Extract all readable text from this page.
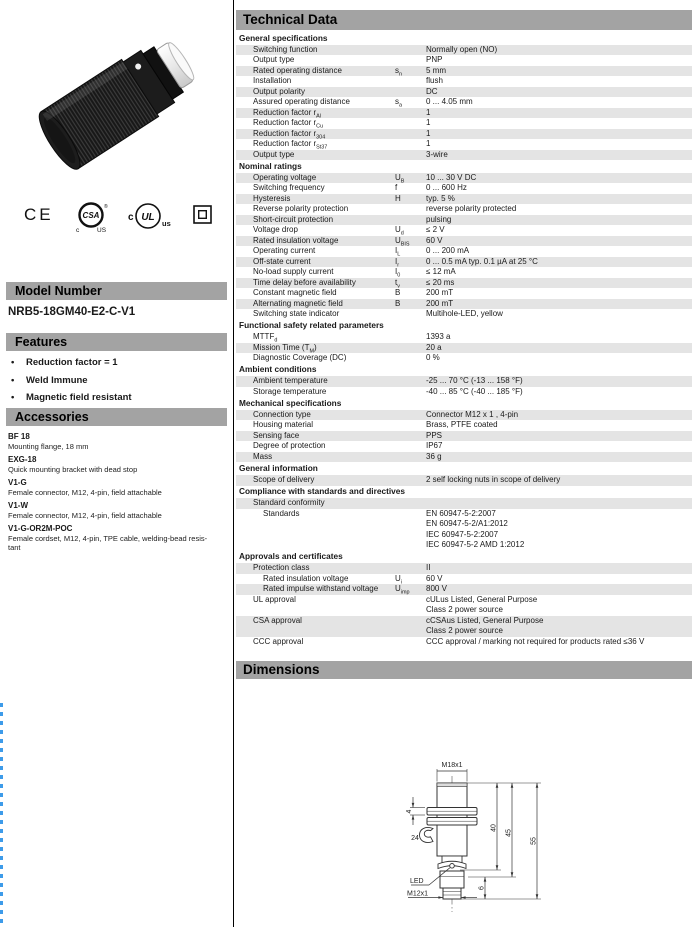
CE	CSA
®
c	US
c UL
us
Model Number
NRB5-18GM40-E2-C-V1
Features
• Reduction factor = 1
• Weld Immune
• Magnetic field resistant
Accessories
BF 18
Mounting flange, 18 mm
EXG-18
Quick mounting bracket with dead stop
V1-G
Female connector, M12, 4-pin, field attachable
V1-W
Female connector, M12, 4-pin, field attachable
V1-G-OR2M-POC
Female cordset, M12, 4-pin, TPE cable, welding-bead resis-
tant
Technical Data
General specifications
Switching function	Normally open (NO)
Output type	PNP
Rated operating distance	$s_n$	5 mm
Installation	flush
Output polarity	DC
Assured operating distance	$s_a$	0 ... 4.05 mm
Reduction factor $r_{Al}$	1
Reduction factor $r_{Cu}$	1
Reduction factor $r_{304}$	1
Reduction factor $r_{St37}$	1
Output type	3-wire
Nominal ratings
Operating voltage	$U_B$	10 ... 30 V DC
Switching frequency	f	0 ... 600 Hz
Hysteresis	H	typ. 5 %
Reverse polarity protection	reverse polarity protected
Short-circuit protection	pulsing
Voltage drop	$U_d$	≤ 2 V
Rated insulation voltage	$U_{BIS}$	60 V
Operating current	$I_L$	0 ... 200 mA
Off-state current	$I_r$	0 ... 0.5 mA typ. 0.1 µA at 25 °C
No-load supply current	$I_0$	≤ 12 mA
Time delay before availability	$t_v$	≤ 20 ms
Constant magnetic field	B	200 mT
Alternating magnetic field	B	200 mT
Switching state indicator	Multihole-LED, yellow
Functional safety related parameters
$MTTF_d$	1393 a
Mission Time $(T_M)$	20 a
Diagnostic Coverage (DC)	0 %
Ambient conditions
Ambient temperature	-25 ... 70 °C (-13 ... 158 °F)
Storage temperature	-40 ... 85 °C (-40 ... 185 °F)
Mechanical specifications
Connection type	Connector M12 x 1 , 4-pin
Housing material	Brass, PTFE coated
Sensing face	PPS
Degree of protection	IP67
Mass	36 g
General information
Scope of delivery	2 self locking nuts in scope of delivery
Compliance with standards and directives
Standard conformity
Standards	EN 60947-5-2:2007
EN 60947-5-2/A1:2012
IEC 60947-5-2:2007
IEC 60947-5-2 AMD 1:2012
Approvals and certificates
Protection class	II
Rated insulation voltage	$U_i$	60 V
Rated impulse withstand voltage	$U_{imp}$	800 V
UL approval	cULus Listed, General Purpose
Class 2 power source
CSA approval	cCSAus Listed, General Purpose
Class 2 power source
CCC approval	CCC approval / marking not required for products rated ≤36 V
Dimensions
M18x1
4
24
40
45
55
LED
M12x1
6
